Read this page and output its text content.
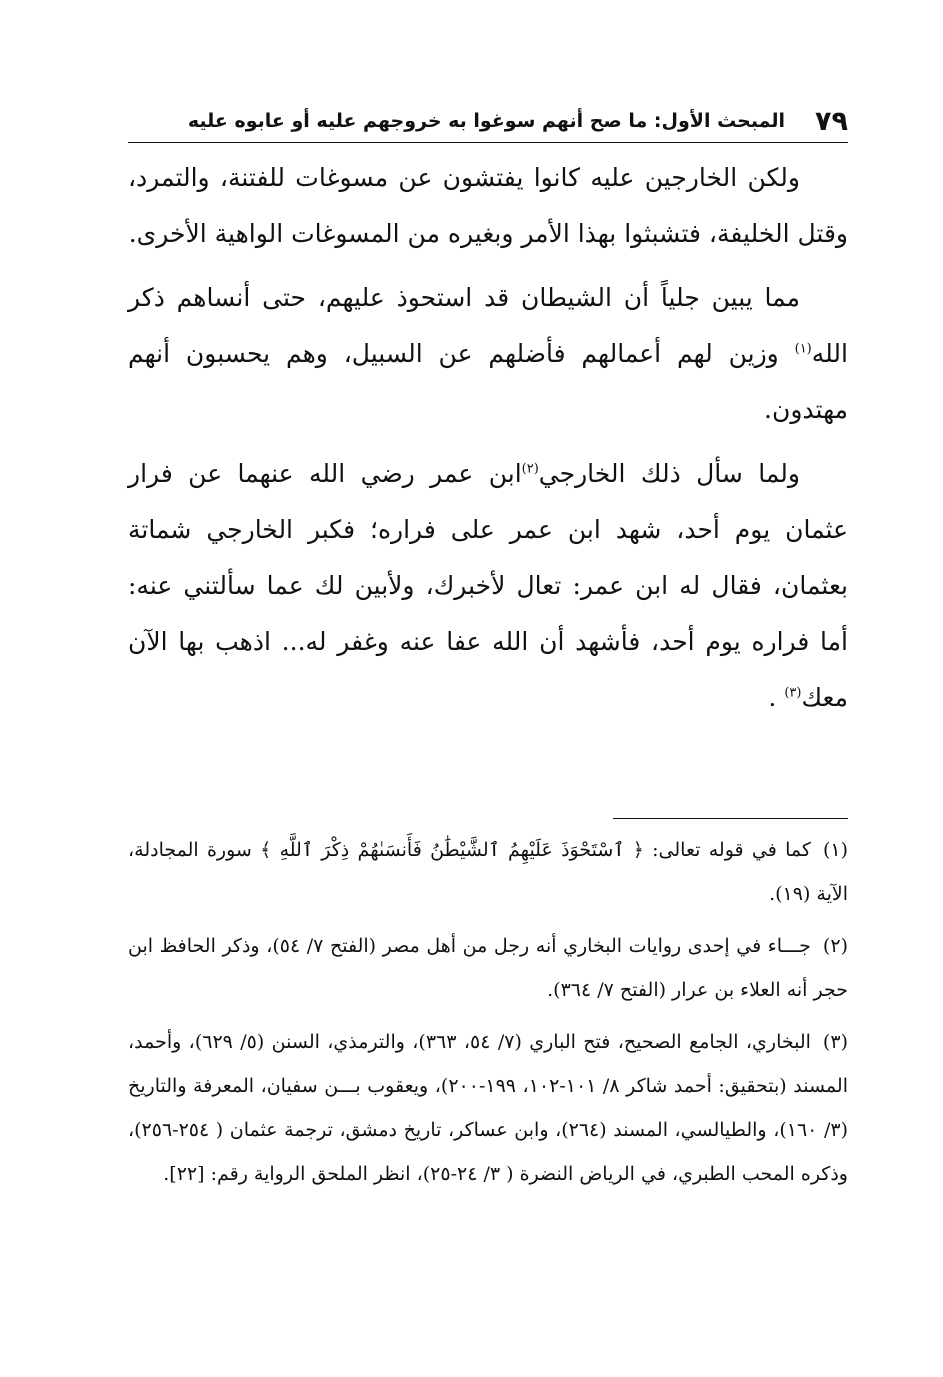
٧٩
المبحث الأول: ما صح أنهم سوغوا به خروجهم عليه أو عابوه عليه

ولكن الخارجين عليه كانوا يفتشون عن مسوغات للفتنة، والتمرد، وقتل الخليفة، فتشبثوا بهذا الأمر وبغيره من المسوغات الواهية الأخرى.

مما يبين جلياً أن الشيطان قد استحوذ عليهم، حتى أنساهم ذكر الله$^{(١)}$ وزين لهم أعمالهم فأضلهم عن السبيل، وهم يحسبون أنهم مهتدون.

ولما سأل ذلك الخارجي$^{(٢)}$ابن عمر رضي الله عنهما عن فرار عثمان يوم أحد، شهد ابن عمر على فراره؛ فكبر الخارجي شماتة بعثمان، فقال له ابن عمر: تعال لأخبرك، ولأبين لك عما سألتني عنه: أما فراره يوم أحد، فأشهد أن الله عفا عنه وغفر له... اذهب بها الآن معك$^{(٣)}$ .

(١)كما في قوله تعالى: ﴿ ٱسْتَحْوَذَ عَلَيْهِمُ ٱلشَّيْطَٰنُ فَأَنسَىٰهُمْ ذِكْرَ ٱللَّهِ ﴾ سورة المجادلة، الآية (١٩).

(٢)جـــاء في إحدى روايات البخاري أنه رجل من أهل مصر (الفتح ٧/ ٥٤)، وذكر الحافظ ابن حجر أنه العلاء بن عرار (الفتح ٧/ ٣٦٤).

(٣)البخاري، الجامع الصحيح، فتح الباري (٧/ ٥٤، ٣٦٣)، والترمذي، السنن (٥/ ٦٢٩)، وأحمد، المسند (بتحقيق: أحمد شاكر ٨/ ١٠١-١٠٢، ١٩٩-٢٠٠)، ويعقوب بـــن سفيان، المعرفة والتاريخ (٣/ ١٦٠)، والطيالسي، المسند (٢٦٤)، وابن عساكر، تاريخ دمشق، ترجمة عثمان ( ٢٥٤-٢٥٦)، وذكره المحب الطبري، في الرياض النضرة ( ٣/ ٢٤-٢٥)، انظر الملحق الرواية رقم: [٢٢].
